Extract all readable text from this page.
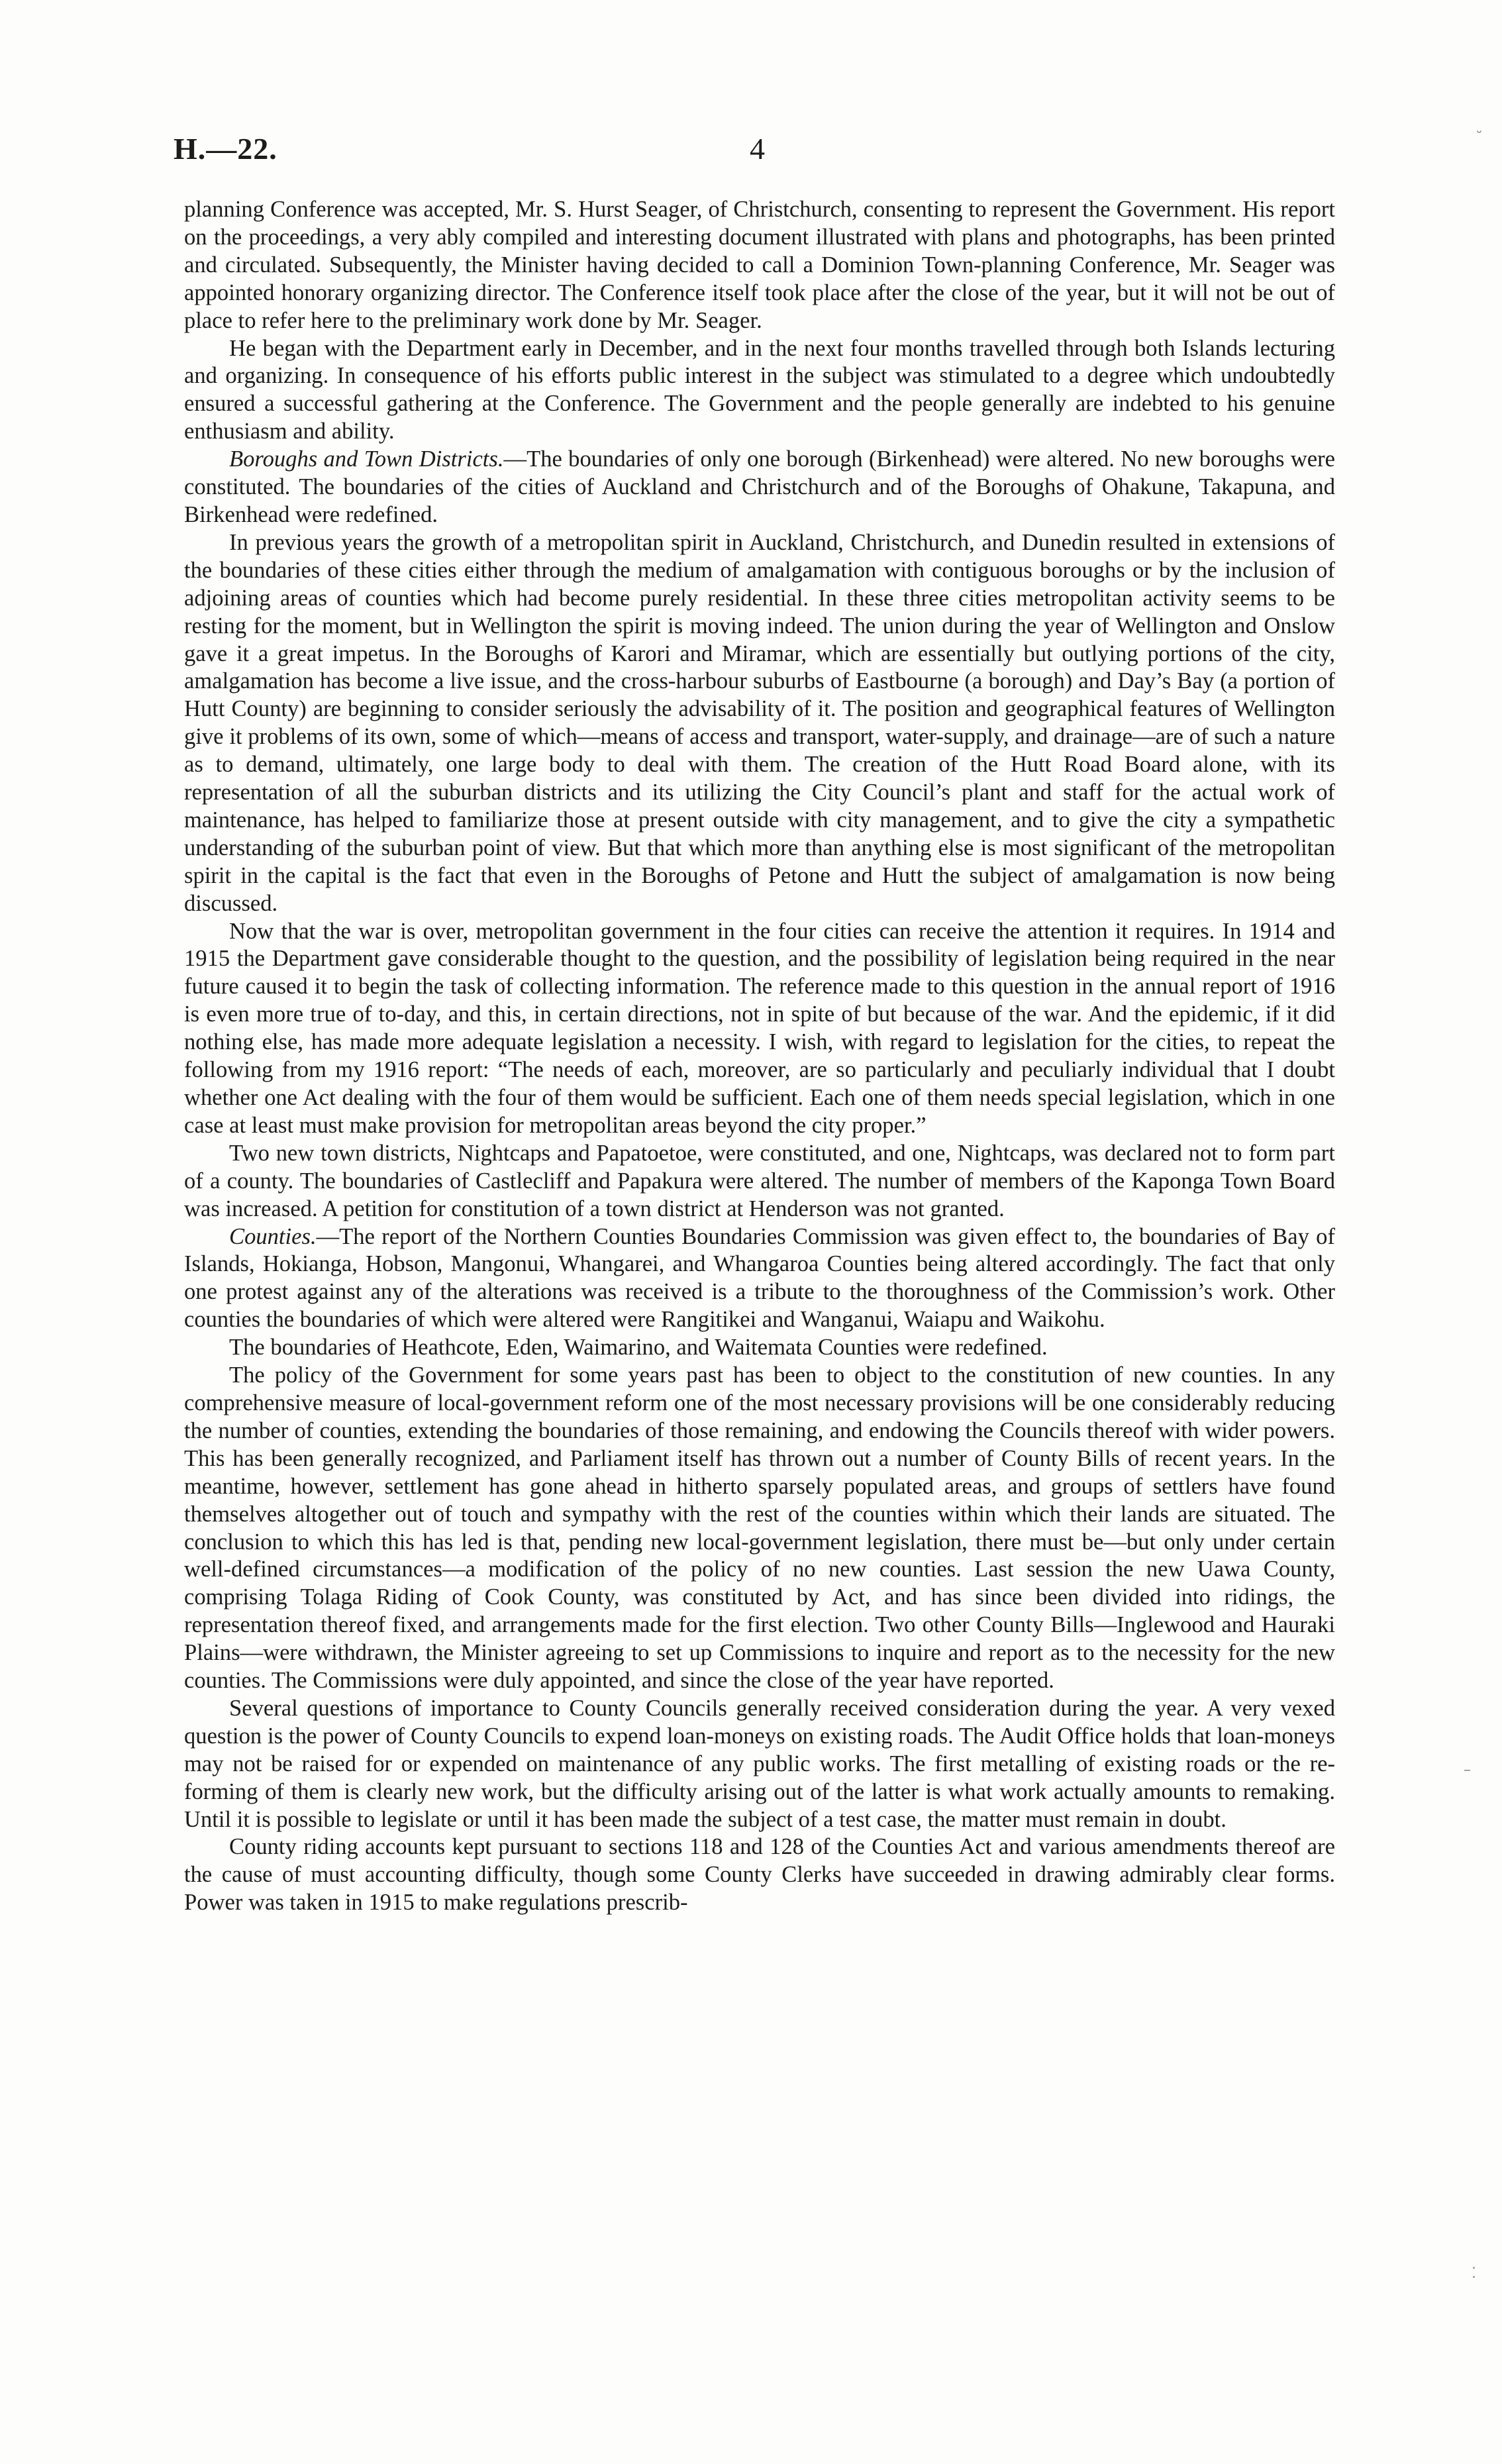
H.—22.	4	˘
–
⁚

planning Conference was accepted, Mr. S. Hurst Seager, of Christchurch, consenting to represent the Government. His report on the proceedings, a very ably compiled and interesting document illustrated with plans and photographs, has been printed and circulated. Subsequently, the Minister having decided to call a Dominion Town-planning Conference, Mr. Seager was appointed honorary organizing director. The Conference itself took place after the close of the year, but it will not be out of place to refer here to the preliminary work done by Mr. Seager.

He began with the Department early in December, and in the next four months travelled through both Islands lecturing and organizing. In consequence of his efforts public interest in the subject was stimulated to a degree which undoubtedly ensured a successful gathering at the Conference. The Government and the people generally are indebted to his genuine enthusiasm and ability.

Boroughs and Town Districts.—The boundaries of only one borough (Birkenhead) were altered. No new boroughs were constituted. The boundaries of the cities of Auckland and Christchurch and of the Boroughs of Ohakune, Takapuna, and Birkenhead were redefined.

In previous years the growth of a metropolitan spirit in Auckland, Christchurch, and Dunedin resulted in extensions of the boundaries of these cities either through the medium of amalgamation with contiguous boroughs or by the inclusion of adjoining areas of counties which had become purely residential. In these three cities metropolitan activity seems to be resting for the moment, but in Wellington the spirit is moving indeed. The union during the year of Wellington and Onslow gave it a great impetus. In the Boroughs of Karori and Miramar, which are essentially but outlying portions of the city, amalgamation has become a live issue, and the cross-harbour suburbs of Eastbourne (a borough) and Day’s Bay (a portion of Hutt County) are beginning to consider seriously the advisability of it. The position and geographical features of Wellington give it problems of its own, some of which—means of access and transport, water-supply, and drainage—are of such a nature as to demand, ultimately, one large body to deal with them. The creation of the Hutt Road Board alone, with its representation of all the suburban districts and its utilizing the City Council’s plant and staff for the actual work of maintenance, has helped to familiarize those at present outside with city management, and to give the city a sympathetic understanding of the suburban point of view. But that which more than anything else is most significant of the metropolitan spirit in the capital is the fact that even in the Boroughs of Petone and Hutt the subject of amalgamation is now being discussed.

Now that the war is over, metropolitan government in the four cities can receive the attention it requires. In 1914 and 1915 the Department gave considerable thought to the question, and the possibility of legislation being required in the near future caused it to begin the task of collecting information. The reference made to this question in the annual report of 1916 is even more true of to-day, and this, in certain directions, not in spite of but because of the war. And the epidemic, if it did nothing else, has made more adequate legislation a necessity. I wish, with regard to legislation for the cities, to repeat the following from my 1916 report: “The needs of each, moreover, are so particularly and peculiarly individual that I doubt whether one Act dealing with the four of them would be sufficient. Each one of them needs special legislation, which in one case at least must make provision for metropolitan areas beyond the city proper.”

Two new town districts, Nightcaps and Papatoetoe, were constituted, and one, Nightcaps, was declared not to form part of a county. The boundaries of Castlecliff and Papakura were altered. The number of members of the Kaponga Town Board was increased. A petition for constitution of a town district at Henderson was not granted.

Counties.—The report of the Northern Counties Boundaries Commission was given effect to, the boundaries of Bay of Islands, Hokianga, Hobson, Mangonui, Whangarei, and Whangaroa Counties being altered accordingly. The fact that only one protest against any of the alterations was received is a tribute to the thoroughness of the Commission’s work. Other counties the boundaries of which were altered were Rangitikei and Wanganui, Waiapu and Waikohu.

The boundaries of Heathcote, Eden, Waimarino, and Waitemata Counties were redefined.

The policy of the Government for some years past has been to object to the constitution of new counties. In any comprehensive measure of local-government reform one of the most necessary provisions will be one considerably reducing the number of counties, extending the boundaries of those remaining, and endowing the Councils thereof with wider powers. This has been generally recognized, and Parliament itself has thrown out a number of County Bills of recent years. In the meantime, however, settlement has gone ahead in hitherto sparsely populated areas, and groups of settlers have found themselves altogether out of touch and sympathy with the rest of the counties within which their lands are situated. The conclusion to which this has led is that, pending new local-government legislation, there must be—but only under certain well-defined circumstances—a modification of the policy of no new counties. Last session the new Uawa County, comprising Tolaga Riding of Cook County, was constituted by Act, and has since been divided into ridings, the representation thereof fixed, and arrangements made for the first election. Two other County Bills—Inglewood and Hauraki Plains—were withdrawn, the Minister agreeing to set up Commissions to inquire and report as to the necessity for the new counties. The Commissions were duly appointed, and since the close of the year have reported.

Several questions of importance to County Councils generally received consideration during the year. A very vexed question is the power of County Councils to expend loan-moneys on existing roads. The Audit Office holds that loan-moneys may not be raised for or expended on maintenance of any public works. The first metalling of existing roads or the re-forming of them is clearly new work, but the difficulty arising out of the latter is what work actually amounts to remaking. Until it is possible to legislate or until it has been made the subject of a test case, the matter must remain in doubt.

County riding accounts kept pursuant to sections 118 and 128 of the Counties Act and various amendments thereof are the cause of must accounting difficulty, though some County Clerks have succeeded in drawing admirably clear forms. Power was taken in 1915 to make regulations prescrib-
